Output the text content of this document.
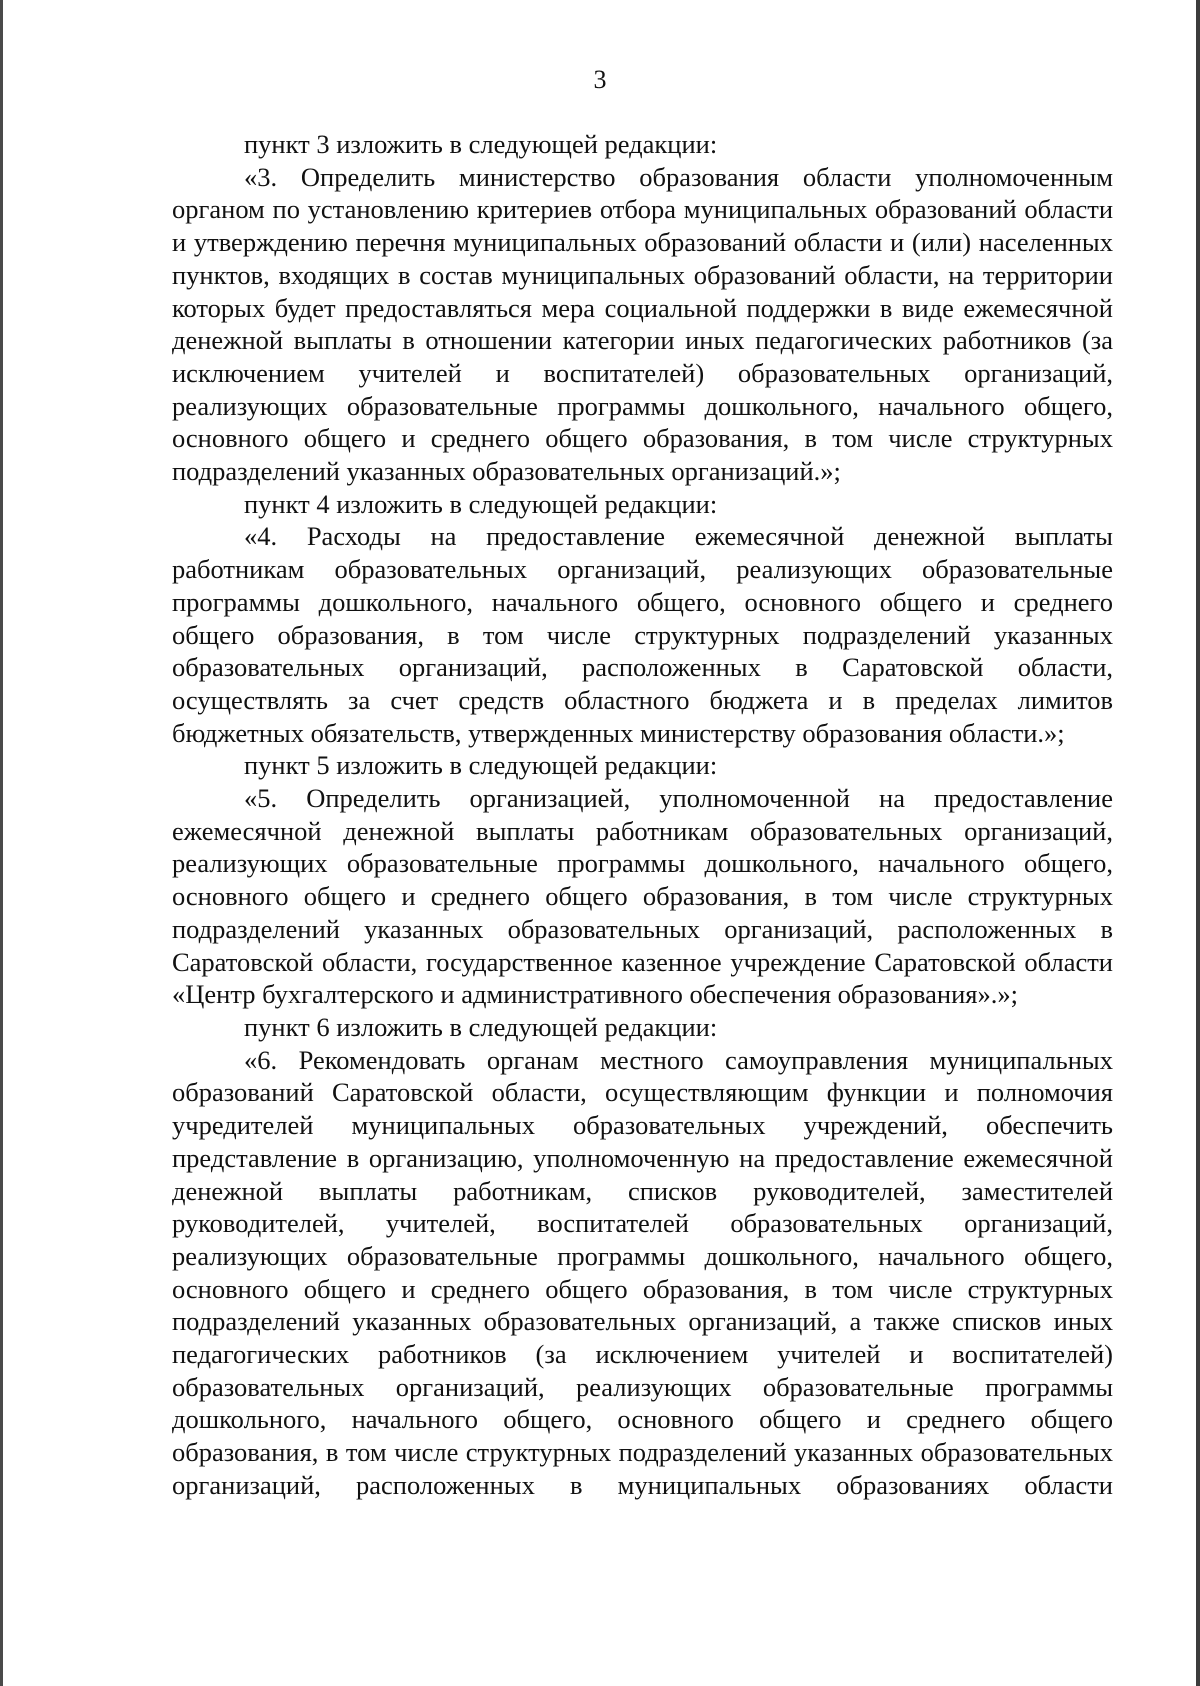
3

пункт 3 изложить в следующей редакции:

«3. Определить министерство образования области уполномоченным органом по установлению критериев отбора муниципальных образований области и утверждению перечня муниципальных образований области и (или) населенных пунктов, входящих в состав муниципальных образований области, на территории которых будет предоставляться мера социальной поддержки в виде ежемесячной денежной выплаты в отношении категории иных педагогических работников (за исключением учителей и воспитателей) образовательных организаций, реализующих образовательные программы дошкольного, начального общего, основного общего и среднего общего образования, в том числе структурных подразделений указанных образовательных организаций.»;

пункт 4 изложить в следующей редакции:

«4. Расходы на предоставление ежемесячной денежной выплаты работникам образовательных организаций, реализующих образовательные программы дошкольного, начального общего, основного общего и среднего общего образования, в том числе структурных подразделений указанных образовательных организаций, расположенных в Саратовской области, осуществлять за счет средств областного бюджета и в пределах лимитов бюджетных обязательств, утвержденных министерству образования области.»;

пункт 5 изложить в следующей редакции:

«5. Определить организацией, уполномоченной на предоставление ежемесячной денежной выплаты работникам образовательных организаций, реализующих образовательные программы дошкольного, начального общего, основного общего и среднего общего образования, в том числе структурных подразделений указанных образовательных организаций, расположенных в Саратовской области, государственное казенное учреждение Саратовской области «Центр бухгалтерского и административного обеспечения образования».»;

пункт 6 изложить в следующей редакции:

«6. Рекомендовать органам местного самоуправления муниципальных образований Саратовской области, осуществляющим функции и полномочия учредителей муниципальных образовательных учреждений, обеспечить представление в организацию, уполномоченную на предоставление ежемесячной денежной выплаты работникам, списков руководителей, заместителей руководителей, учителей, воспитателей образовательных организаций, реализующих образовательные программы дошкольного, начального общего, основного общего и среднего общего образования, в том числе структурных подразделений указанных образовательных организаций, а также списков иных педагогических работников (за исключением учителей и воспитателей) образовательных организаций, реализующих образовательные программы дошкольного, начального общего, основного общего и среднего общего образования, в том числе структурных подразделений указанных образовательных организаций, расположенных в муниципальных образованиях области
